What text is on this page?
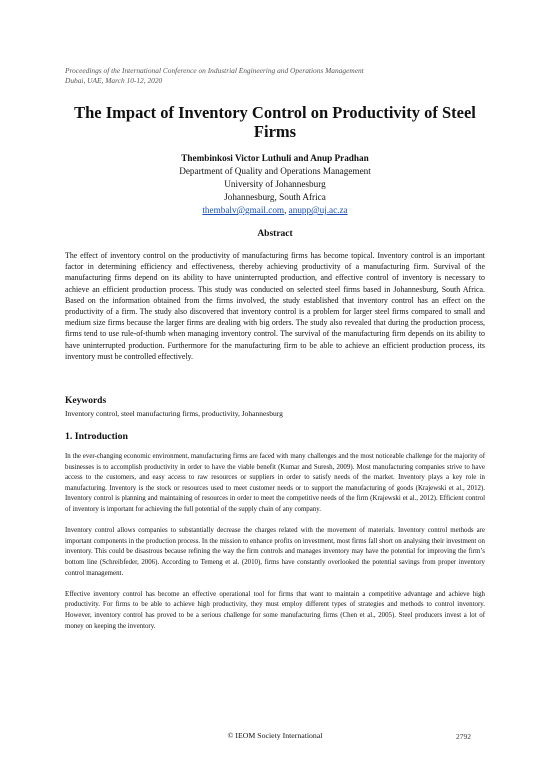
Proceedings of the International Conference on Industrial Engineering and Operations Management
Dubai, UAE, March 10-12, 2020
The Impact of Inventory Control on Productivity of Steel
Firms
Thembinkosi Victor Luthuli and Anup Pradhan
Department of Quality and Operations Management
University of Johannesburg
Johannesburg, South Africa
thembalv@gmail.com, anupp@uj.ac.za
Abstract
The effect of inventory control on the productivity of manufacturing firms has become topical. Inventory control is an important factor in determining efficiency and effectiveness, thereby achieving productivity of a manufacturing firm. Survival of the manufacturing firms depend on its ability to have uninterrupted production, and effective control of inventory is necessary to achieve an efficient production process. This study was conducted on selected steel firms based in Johannesburg, South Africa. Based on the information obtained from the firms involved, the study established that inventory control has an effect on the productivity of a firm. The study also discovered that inventory control is a problem for larger steel firms compared to small and medium size firms because the larger firms are dealing with big orders. The study also revealed that during the production process, firms tend to use rule-of-thumb when managing inventory control. The survival of the manufacturing firm depends on its ability to have uninterrupted production. Furthermore for the manufacturing firm to be able to achieve an efficient production process, its inventory must be controlled effectively.
Keywords
Inventory control, steel manufacturing firms, productivity, Johannesburg
1. Introduction

In the ever-changing economic environment, manufacturing firms are faced with many challenges and the most noticeable challenge for the majority of businesses is to accomplish productivity in order to have the viable benefit (Kumar and Suresh, 2009). Most manufacturing companies strive to have access to the customers, and easy access to raw resources or suppliers in order to satisfy needs of the market. Inventory plays a key role in manufacturing. Inventory is the stock or resources used to meet customer needs or to support the manufacturing of goods (Krajewski et al., 2012). Inventory control is planning and maintaining of resources in order to meet the competitive needs of the firm (Krajewski et al., 2012). Efficient control of inventory is important for achieving the full potential of the supply chain of any company.

Inventory control allows companies to substantially decrease the charges related with the movement of materials. Inventory control methods are important components in the production process. In the mission to enhance profits on investment, most firms fall short on analysing their investment on inventory. This could be disastrous because refining the way the firm controls and manages inventory may have the potential for improving the firm’s bottom line (Schreibfeder, 2006). According to Temeng et al. (2010), firms have constantly overlooked the potential savings from proper inventory control management.

Effective inventory control has become an effective operational tool for firms that want to maintain a competitive advantage and achieve high productivity. For firms to be able to achieve high productivity, they must employ different types of strategies and methods to control inventory. However, inventory control has proved to be a serious challenge for some manufacturing firms (Chen et al., 2005). Steel producers invest a lot of money on keeping the inventory.

© IEOM Society International	2792
